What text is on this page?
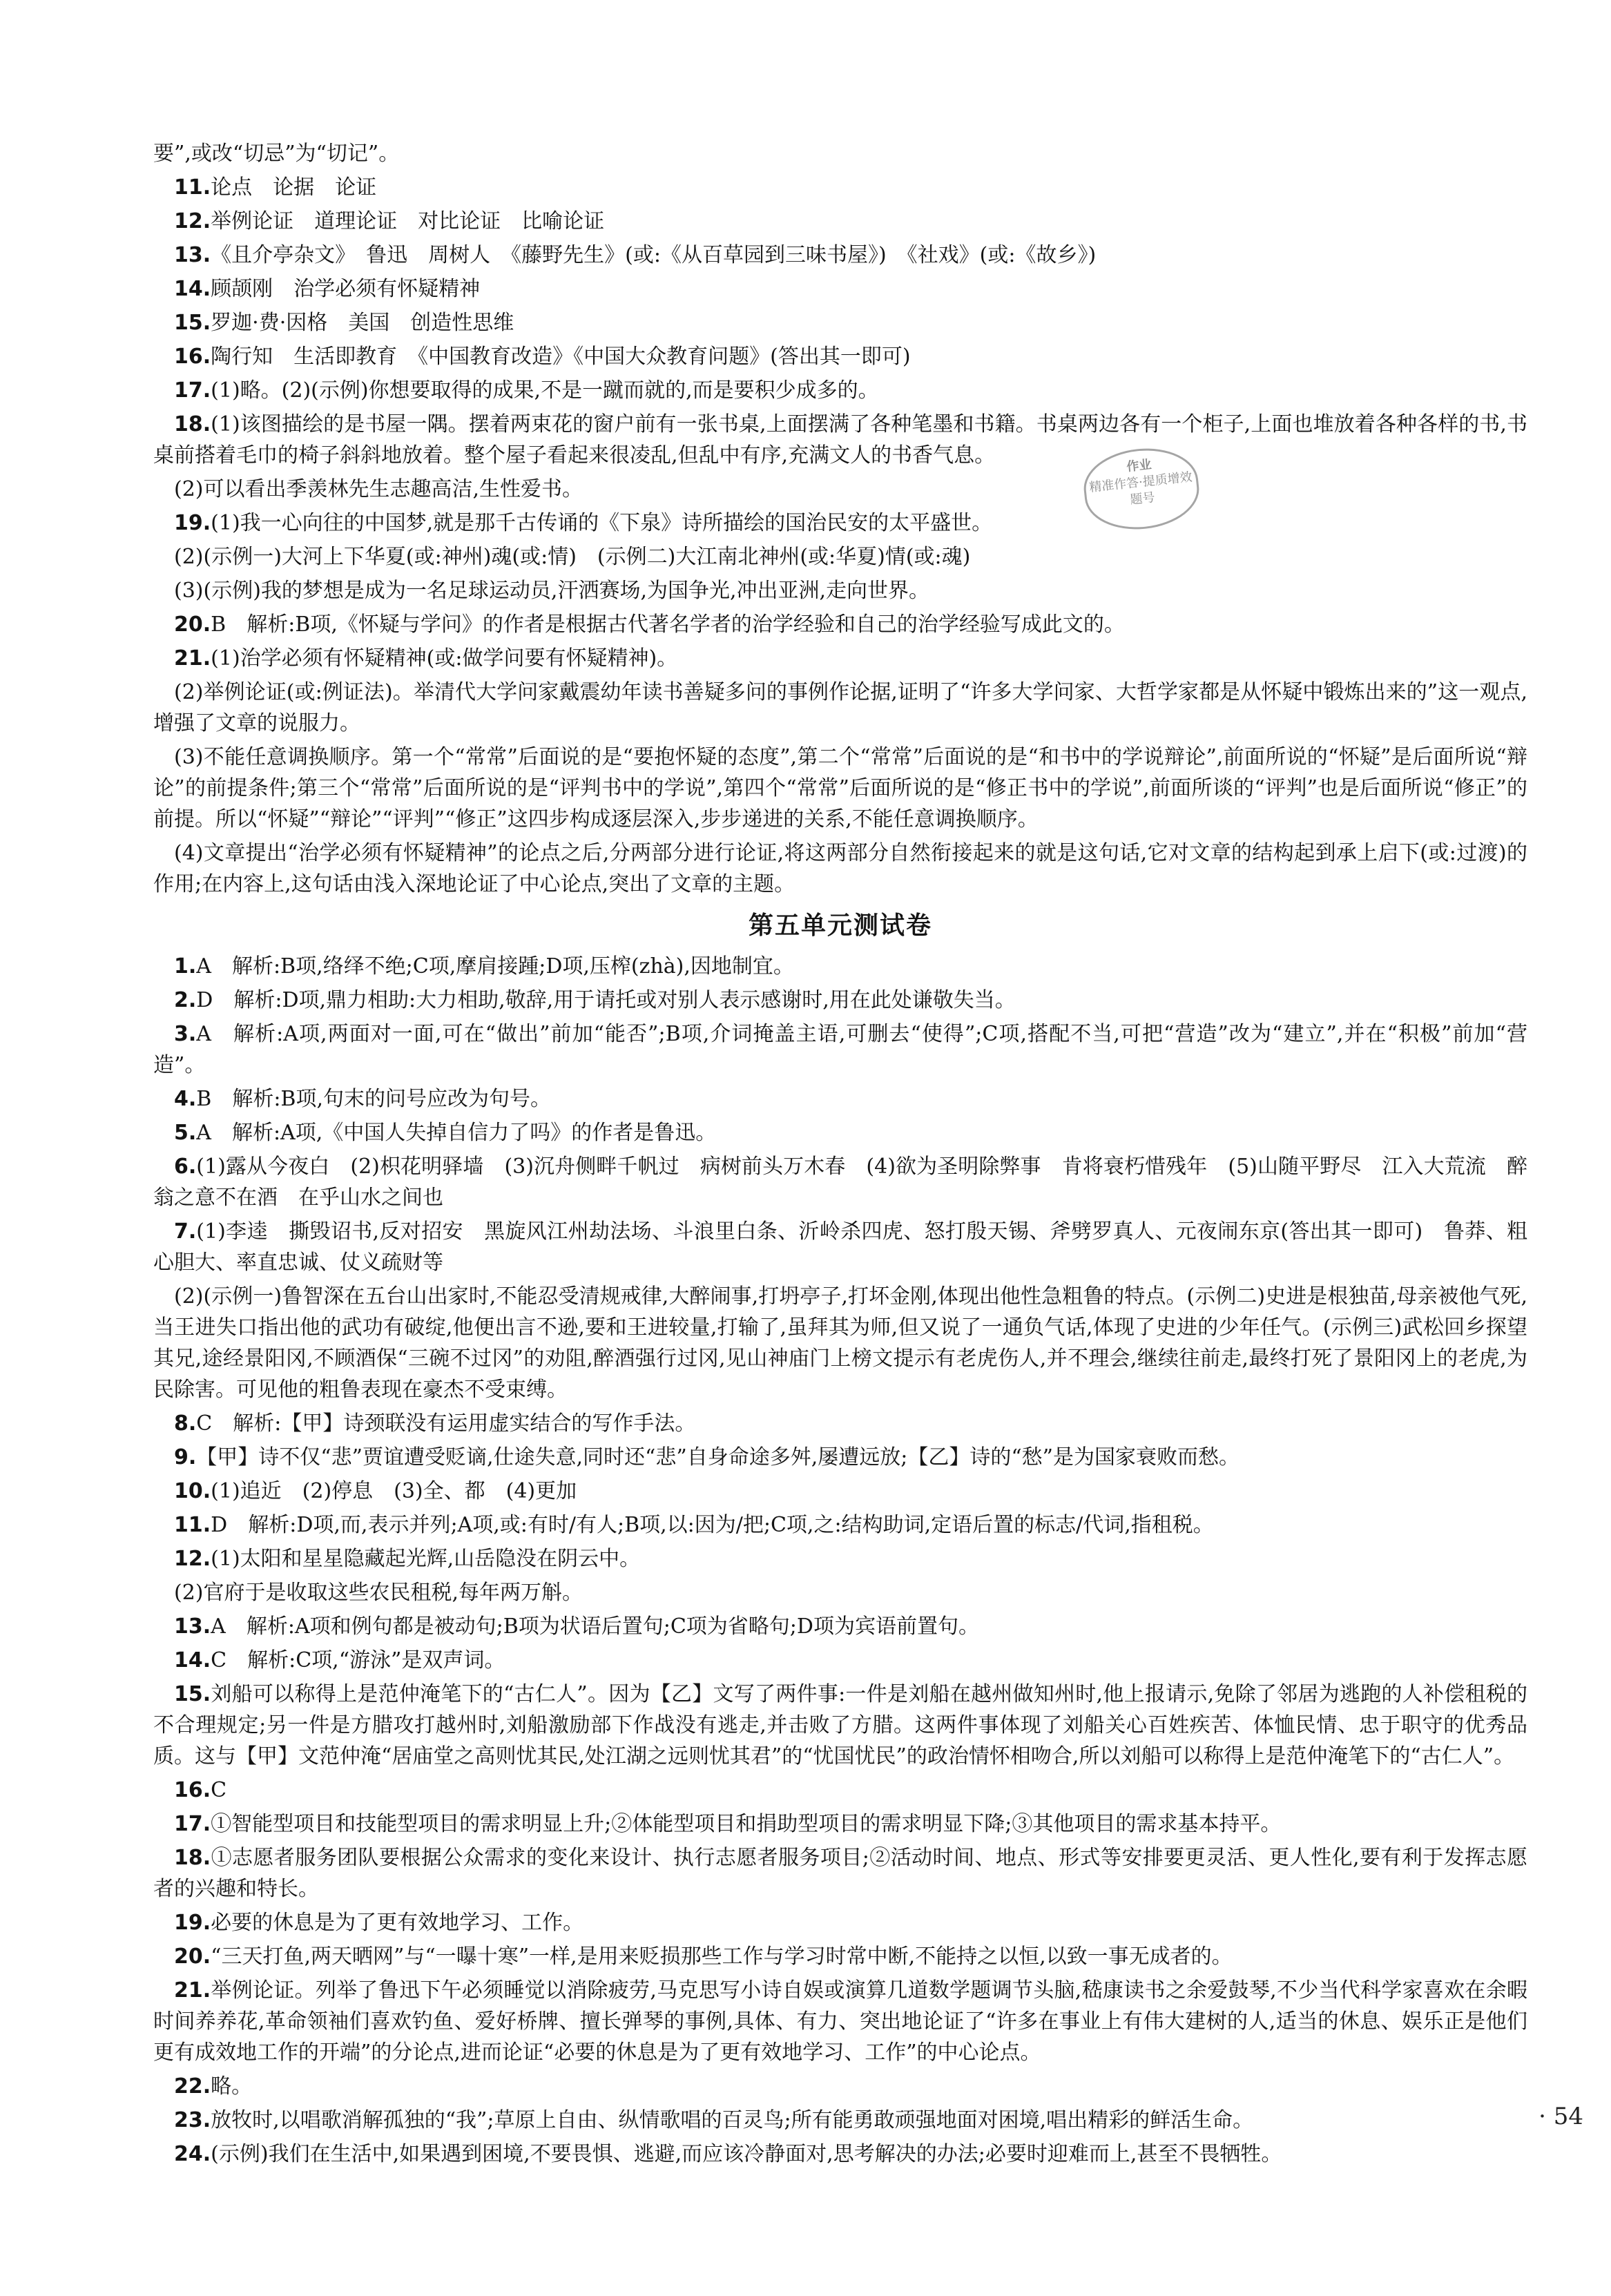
要”,或改“切忌”为“切记”。

11.论点　论据　论证

12.举例论证　道理论证　对比论证　比喻论证

13.《且介亭杂文》　鲁迅　周树人　《藤野先生》(或:《从百草园到三味书屋》)　《社戏》(或:《故乡》)

14.顾颉刚　治学必须有怀疑精神

15.罗迦·费·因格　美国　创造性思维

16.陶行知　生活即教育　《中国教育改造》《中国大众教育问题》(答出其一即可)

17.(1)略。(2)(示例)你想要取得的成果,不是一蹴而就的,而是要积少成多的。

18.(1)该图描绘的是书屋一隅。摆着两束花的窗户前有一张书桌,上面摆满了各种笔墨和书籍。书桌两边各有一个柜子,上面也堆放着各种各样的书,书桌前搭着毛巾的椅子斜斜地放着。整个屋子看起来很凌乱,但乱中有序,充满文人的书香气息。

(2)可以看出季羡林先生志趣高洁,生性爱书。

19.(1)我一心向往的中国梦,就是那千古传诵的《下泉》诗所描绘的国治民安的太平盛世。

(2)(示例一)大河上下华夏(或:神州)魂(或:情)　(示例二)大江南北神州(或:华夏)情(或:魂)

(3)(示例)我的梦想是成为一名足球运动员,汗洒赛场,为国争光,冲出亚洲,走向世界。

20.B　解析:B项,《怀疑与学问》的作者是根据古代著名学者的治学经验和自己的治学经验写成此文的。

21.(1)治学必须有怀疑精神(或:做学问要有怀疑精神)。

(2)举例论证(或:例证法)。举清代大学问家戴震幼年读书善疑多问的事例作论据,证明了“许多大学问家、大哲学家都是从怀疑中锻炼出来的”这一观点,增强了文章的说服力。

(3)不能任意调换顺序。第一个“常常”后面说的是“要抱怀疑的态度”,第二个“常常”后面说的是“和书中的学说辩论”,前面所说的“怀疑”是后面所说“辩论”的前提条件;第三个“常常”后面所说的是“评判书中的学说”,第四个“常常”后面所说的是“修正书中的学说”,前面所谈的“评判”也是后面所说“修正”的前提。所以“怀疑”“辩论”“评判”“修正”这四步构成逐层深入,步步递进的关系,不能任意调换顺序。

(4)文章提出“治学必须有怀疑精神”的论点之后,分两部分进行论证,将这两部分自然衔接起来的就是这句话,它对文章的结构起到承上启下(或:过渡)的作用;在内容上,这句话由浅入深地论证了中心论点,突出了文章的主题。

第五单元测试卷

1.A　解析:B项,络绎不绝;C项,摩肩接踵;D项,压榨(zhà),因地制宜。

2.D　解析:D项,鼎力相助:大力相助,敬辞,用于请托或对别人表示感谢时,用在此处谦敬失当。

3.A　解析:A项,两面对一面,可在“做出”前加“能否”;B项,介词掩盖主语,可删去“使得”;C项,搭配不当,可把“营造”改为“建立”,并在“积极”前加“营造”。

4.B　解析:B项,句末的问号应改为句号。

5.A　解析:A项,《中国人失掉自信力了吗》的作者是鲁迅。

6.(1)露从今夜白　(2)枳花明驿墙　(3)沉舟侧畔千帆过　病树前头万木春　(4)欲为圣明除弊事　肯将衰朽惜残年　(5)山随平野尽　江入大荒流　醉翁之意不在酒　在乎山水之间也

7.(1)李逵　撕毁诏书,反对招安　黑旋风江州劫法场、斗浪里白条、沂岭杀四虎、怒打殷天锡、斧劈罗真人、元夜闹东京(答出其一即可)　鲁莽、粗心胆大、率直忠诚、仗义疏财等

(2)(示例一)鲁智深在五台山出家时,不能忍受清规戒律,大醉闹事,打坍亭子,打坏金刚,体现出他性急粗鲁的特点。(示例二)史进是根独苗,母亲被他气死,当王进失口指出他的武功有破绽,他便出言不逊,要和王进较量,打输了,虽拜其为师,但又说了一通负气话,体现了史进的少年任气。(示例三)武松回乡探望其兄,途经景阳冈,不顾酒保“三碗不过冈”的劝阻,醉酒强行过冈,见山神庙门上榜文提示有老虎伤人,并不理会,继续往前走,最终打死了景阳冈上的老虎,为民除害。可见他的粗鲁表现在豪杰不受束缚。

8.C　解析:【甲】诗颈联没有运用虚实结合的写作手法。

9.【甲】诗不仅“悲”贾谊遭受贬谪,仕途失意,同时还“悲”自身命途多舛,屡遭远放;【乙】诗的“愁”是为国家衰败而愁。

10.(1)追近　(2)停息　(3)全、都　(4)更加

11.D　解析:D项,而,表示并列;A项,或:有时/有人;B项,以:因为/把;C项,之:结构助词,定语后置的标志/代词,指租税。

12.(1)太阳和星星隐藏起光辉,山岳隐没在阴云中。

(2)官府于是收取这些农民租税,每年两万斛。

13.A　解析:A项和例句都是被动句;B项为状语后置句;C项为省略句;D项为宾语前置句。

14.C　解析:C项,“游泳”是双声词。

15.刘船可以称得上是范仲淹笔下的“古仁人”。因为【乙】文写了两件事:一件是刘船在越州做知州时,他上报请示,免除了邻居为逃跑的人补偿租税的不合理规定;另一件是方腊攻打越州时,刘船激励部下作战没有逃走,并击败了方腊。这两件事体现了刘船关心百姓疾苦、体恤民情、忠于职守的优秀品质。这与【甲】文范仲淹“居庙堂之高则忧其民,处江湖之远则忧其君”的“忧国忧民”的政治情怀相吻合,所以刘船可以称得上是范仲淹笔下的“古仁人”。

16.C

17.①智能型项目和技能型项目的需求明显上升;②体能型项目和捐助型项目的需求明显下降;③其他项目的需求基本持平。

18.①志愿者服务团队要根据公众需求的变化来设计、执行志愿者服务项目;②活动时间、地点、形式等安排要更灵活、更人性化,要有利于发挥志愿者的兴趣和特长。

19.必要的休息是为了更有效地学习、工作。

20.“三天打鱼,两天晒网”与“一曝十寒”一样,是用来贬损那些工作与学习时常中断,不能持之以恒,以致一事无成者的。

21.举例论证。列举了鲁迅下午必须睡觉以消除疲劳,马克思写小诗自娱或演算几道数学题调节头脑,嵇康读书之余爱鼓琴,不少当代科学家喜欢在余暇时间养养花,革命领袖们喜欢钓鱼、爱好桥牌、擅长弹琴的事例,具体、有力、突出地论证了“许多在事业上有伟大建树的人,适当的休息、娱乐正是他们更有成效地工作的开端”的分论点,进而论证“必要的休息是为了更有效地学习、工作”的中心论点。

22.略。

23.放牧时,以唱歌消解孤独的“我”;草原上自由、纵情歌唱的百灵鸟;所有能勇敢顽强地面对困境,唱出精彩的鲜活生命。

24.(示例)我们在生活中,如果遇到困境,不要畏惧、逃避,而应该冷静面对,思考解决的办法;必要时迎难而上,甚至不畏牺牲。

作业
精准作答·提质增效
题号
· 54
